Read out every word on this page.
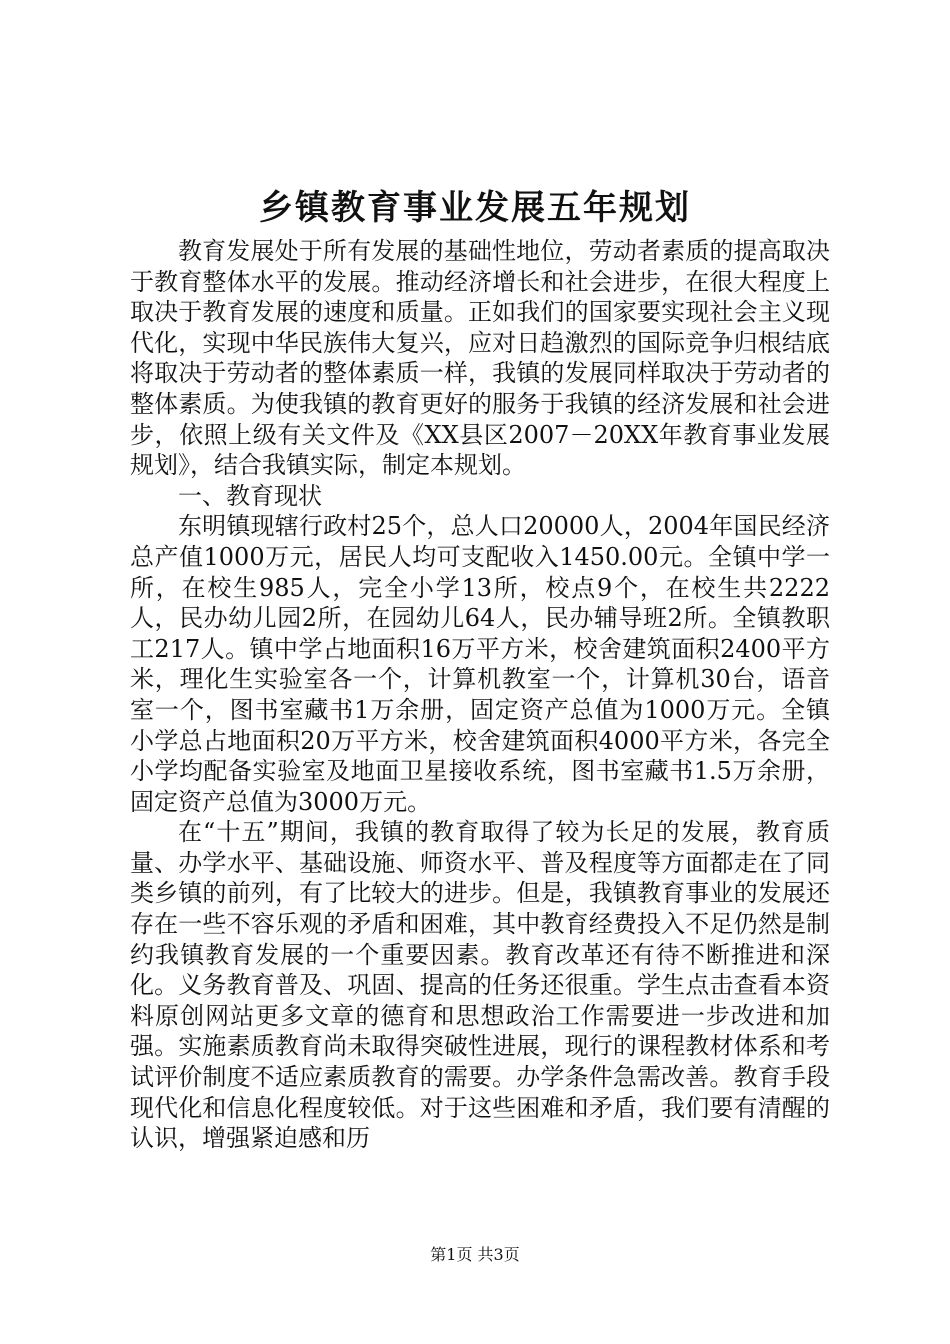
乡镇教育事业发展五年规划

教育发展处于所有发展的基础性地位，劳动者素质的提高取决于教育整体水平的发展。推动经济增长和社会进步，在很大程度上取决于教育发展的速度和质量。正如我们的国家要实现社会主义现代化，实现中华民族伟大复兴，应对日趋激烈的国际竞争归根结底将取决于劳动者的整体素质一样，我镇的发展同样取决于劳动者的整体素质。为使我镇的教育更好的服务于我镇的经济发展和社会进步，依照上级有关文件及《XX县区2007－20XX年教育事业发展规划》，结合我镇实际，制定本规划。

一、教育现状

东明镇现辖行政村25个，总人口20000人，2004年国民经济总产值1000万元，居民人均可支配收入1450.00元。全镇中学一所，在校生985人，完全小学13所，校点9个，在校生共2222人，民办幼儿园2所，在园幼儿64人，民办辅导班2所。全镇教职工217人。镇中学占地面积16万平方米，校舍建筑面积2400平方米，理化生实验室各一个，计算机教室一个，计算机30台，语音室一个，图书室藏书1万余册，固定资产总值为1000万元。全镇小学总占地面积20万平方米，校舍建筑面积4000平方米，各完全小学均配备实验室及地面卫星接收系统，图书室藏书1.5万余册，固定资产总值为3000万元。

在“十五”期间，我镇的教育取得了较为长足的发展，教育质量、办学水平、基础设施、师资水平、普及程度等方面都走在了同类乡镇的前列，有了比较大的进步。但是，我镇教育事业的发展还存在一些不容乐观的矛盾和困难，其中教育经费投入不足仍然是制约我镇教育发展的一个重要因素。教育改革还有待不断推进和深化。义务教育普及、巩固、提高的任务还很重。学生点击查看本资料原创网站更多文章的德育和思想政治工作需要进一步改进和加强。实施素质教育尚未取得突破性进展，现行的课程教材体系和考试评价制度不适应素质教育的需要。办学条件急需改善。教育手段现代化和信息化程度较低。对于这些困难和矛盾，我们要有清醒的认识，增强紧迫感和历

第1页 共3页
